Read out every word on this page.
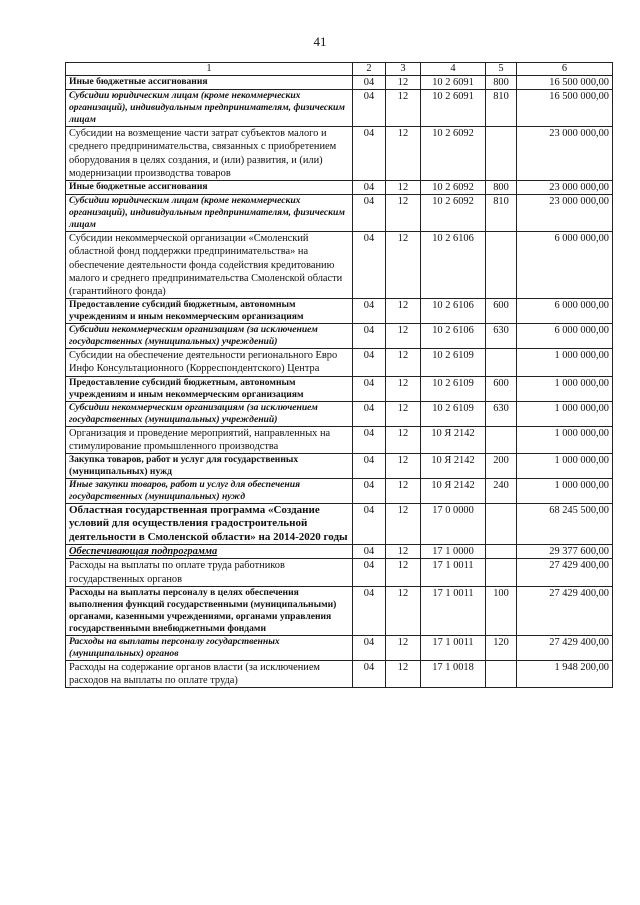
41
1	2	3	4	5	6
Иные бюджетные ассигнования	04	12	10 2 6091	800	16 500 000,00
Субсидии юридическим лицам (кроме некоммерческих организаций), индивидуальным предпринимателям, физическим лицам	04	12	10 2 6091	810	16 500 000,00
Субсидии на возмещение части затрат субъектов малого и среднего предпринимательства, связанных с приобретением оборудования в целях создания, и (или) развития, и (или) модернизации производства товаров	04	12	10 2 6092		23 000 000,00
Иные бюджетные ассигнования	04	12	10 2 6092	800	23 000 000,00
Субсидии юридическим лицам (кроме некоммерческих организаций), индивидуальным предпринимателям, физическим лицам	04	12	10 2 6092	810	23 000 000,00
Субсидии некоммерческой организации «Смоленский областной фонд поддержки предпринимательства» на обеспечение деятельности фонда содействия кредитованию малого и среднего предпринимательства Смоленской области (гарантийного фонда)	04	12	10 2 6106		6 000 000,00
Предоставление субсидий бюджетным, автономным учреждениям и иным некоммерческим организациям	04	12	10 2 6106	600	6 000 000,00
Субсидии некоммерческим организациям (за исключением государственных (муниципальных) учреждений)	04	12	10 2 6106	630	6 000 000,00
Субсидии на обеспечение деятельности регионального Евро Инфо Консультационного (Корреспондентского) Центра	04	12	10 2 6109		1 000 000,00
Предоставление субсидий бюджетным, автономным учреждениям и иным некоммерческим организациям	04	12	10 2 6109	600	1 000 000,00
Субсидии некоммерческим организациям (за исключением государственных (муниципальных) учреждений)	04	12	10 2 6109	630	1 000 000,00
Организация и проведение мероприятий, направленных на стимулирование промышленного производства	04	12	10 Я 2142		1 000 000,00
Закупка товаров, работ и услуг для государственных (муниципальных) нужд	04	12	10 Я 2142	200	1 000 000,00
Иные закупки товаров, работ и услуг для обеспечения государственных (муниципальных) нужд	04	12	10 Я 2142	240	1 000 000,00
Областная государственная программа «Создание условий для осуществления градостроительной деятельности в Смоленской области» на 2014-2020 годы	04	12	17 0 0000		68 245 500,00
Обеспечивающая подпрограмма	04	12	17 1 0000		29 377 600,00
Расходы на выплаты по оплате труда работников государственных органов	04	12	17 1 0011		27 429 400,00
Расходы на выплаты персоналу в целях обеспечения выполнения функций государственными (муниципальными) органами, казенными учреждениями, органами управления государственными внебюджетными фондами	04	12	17 1 0011	100	27 429 400,00
Расходы на выплаты персоналу государственных (муниципальных) органов	04	12	17 1 0011	120	27 429 400,00
Расходы на содержание органов власти (за исключением расходов на выплаты по оплате труда)	04	12	17 1 0018		1 948 200,00
